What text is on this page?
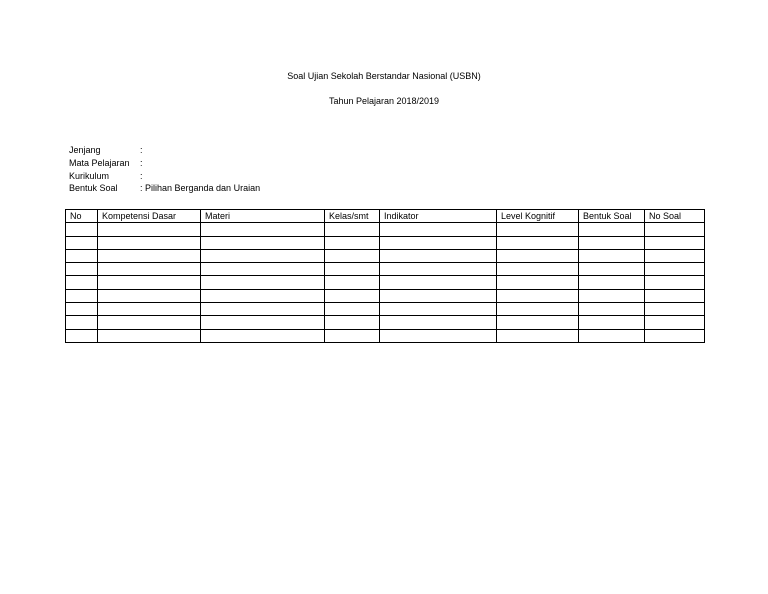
Soal Ujian Sekolah Berstandar Nasional (USBN)
Tahun Pelajaran 2018/2019
Jenjang	:
Mata Pelajaran	:
Kurikulum	:
Bentuk Soal	: Pilihan Berganda dan Uraian
No	Kompetensi Dasar	Materi	Kelas/smt	Indikator	Level Kognitif	Bentuk Soal	No Soal
